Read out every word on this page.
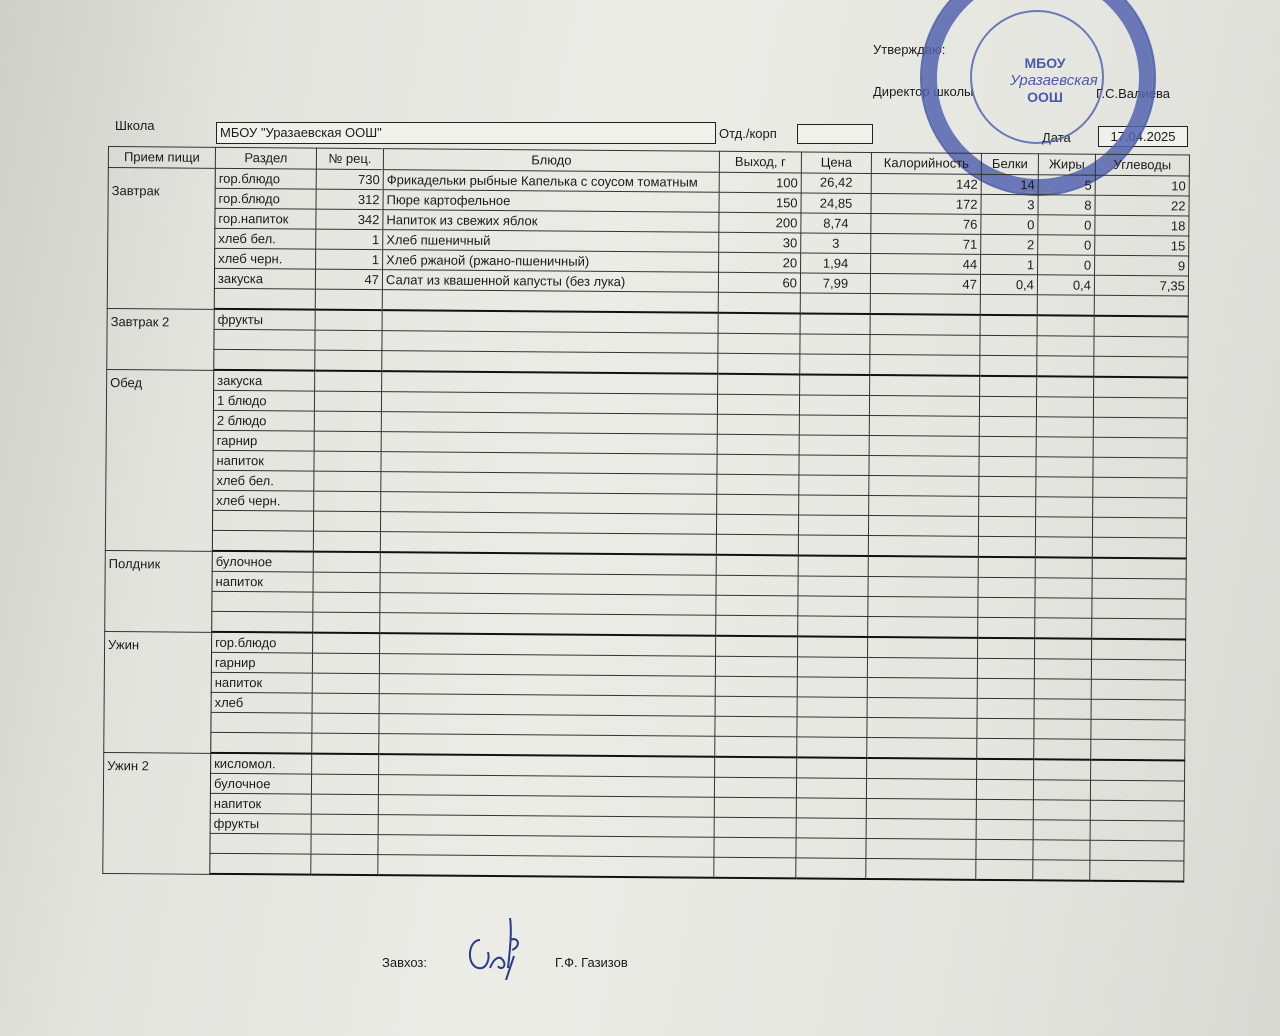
Утверждаю:
Директор школы	Г.С.Валиева
Школа	МБОУ "Уразаевская ООШ"	Отд./корп	Дата	17.04.2025
МБОУ
Уразаевская
ООШ
Прием пищи	Раздел	№ рец.	Блюдо	Выход, г	Цена	Калорийность	Белки	Жиры	Углеводы
Завтрак	гор.блюдо	730	Фрикадельки рыбные Капелька с соусом томатным	100	26,42	142	14	5	10
	гор.блюдо	312	Пюре картофельное	150	24,85	172	3	8	22
	гор.напиток	342	Напиток из свежих яблок	200	8,74	76	0	0	18
	хлеб бел.	1	Хлеб пшеничный	30	3	71	2	0	15
	хлеб черн.	1	Хлеб ржаной (ржано-пшеничный)	20	1,94	44	1	0	9
	закуска	47	Салат из квашенной капусты (без лука)	60	7,99	47	0,4	0,4	7,35

Завтрак 2	фрукты								

Обед	закуска								
	1 блюдо								
	2 блюдо								
	гарнир								
	напиток								
	хлеб бел.								
	хлеб черн.								

Полдник	булочное								
	напиток								

Ужин	гор.блюдо								
	гарнир								
	напиток								
	хлеб								

Ужин 2	кисломол.								
	булочное								
	напиток								
	фрукты								

Завхоз:	Г.Ф. Газизов
